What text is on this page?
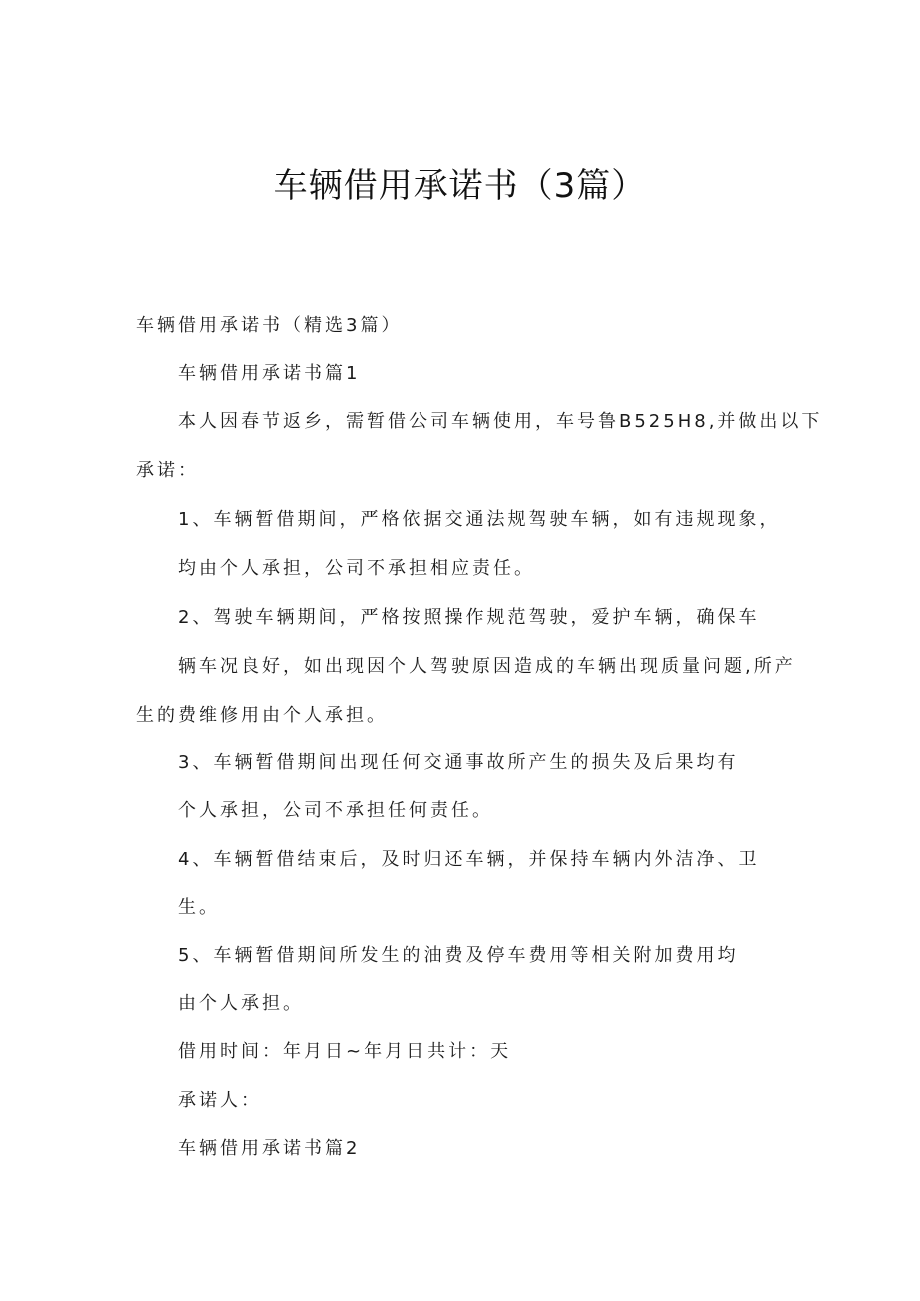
车辆借用承诺书（3篇）
车辆借用承诺书（精选3篇）
车辆借用承诺书篇1
本人因春节返乡，需暂借公司车辆使用，车号鲁B525H8,并做出以下
承诺：
1、车辆暂借期间，严格依据交通法规驾驶车辆，如有违规现象，
均由个人承担，公司不承担相应责任。
2、驾驶车辆期间，严格按照操作规范驾驶，爱护车辆，确保车
辆车况良好，如出现因个人驾驶原因造成的车辆出现质量问题,所产
生的费维修用由个人承担。
3、车辆暂借期间出现任何交通事故所产生的损失及后果均有
个人承担，公司不承担任何责任。
4、车辆暂借结束后，及时归还车辆，并保持车辆内外洁净、卫
生。
5、车辆暂借期间所发生的油费及停车费用等相关附加费用均
由个人承担。
借用时间：年月日~年月日共计：天
承诺人：
车辆借用承诺书篇2
